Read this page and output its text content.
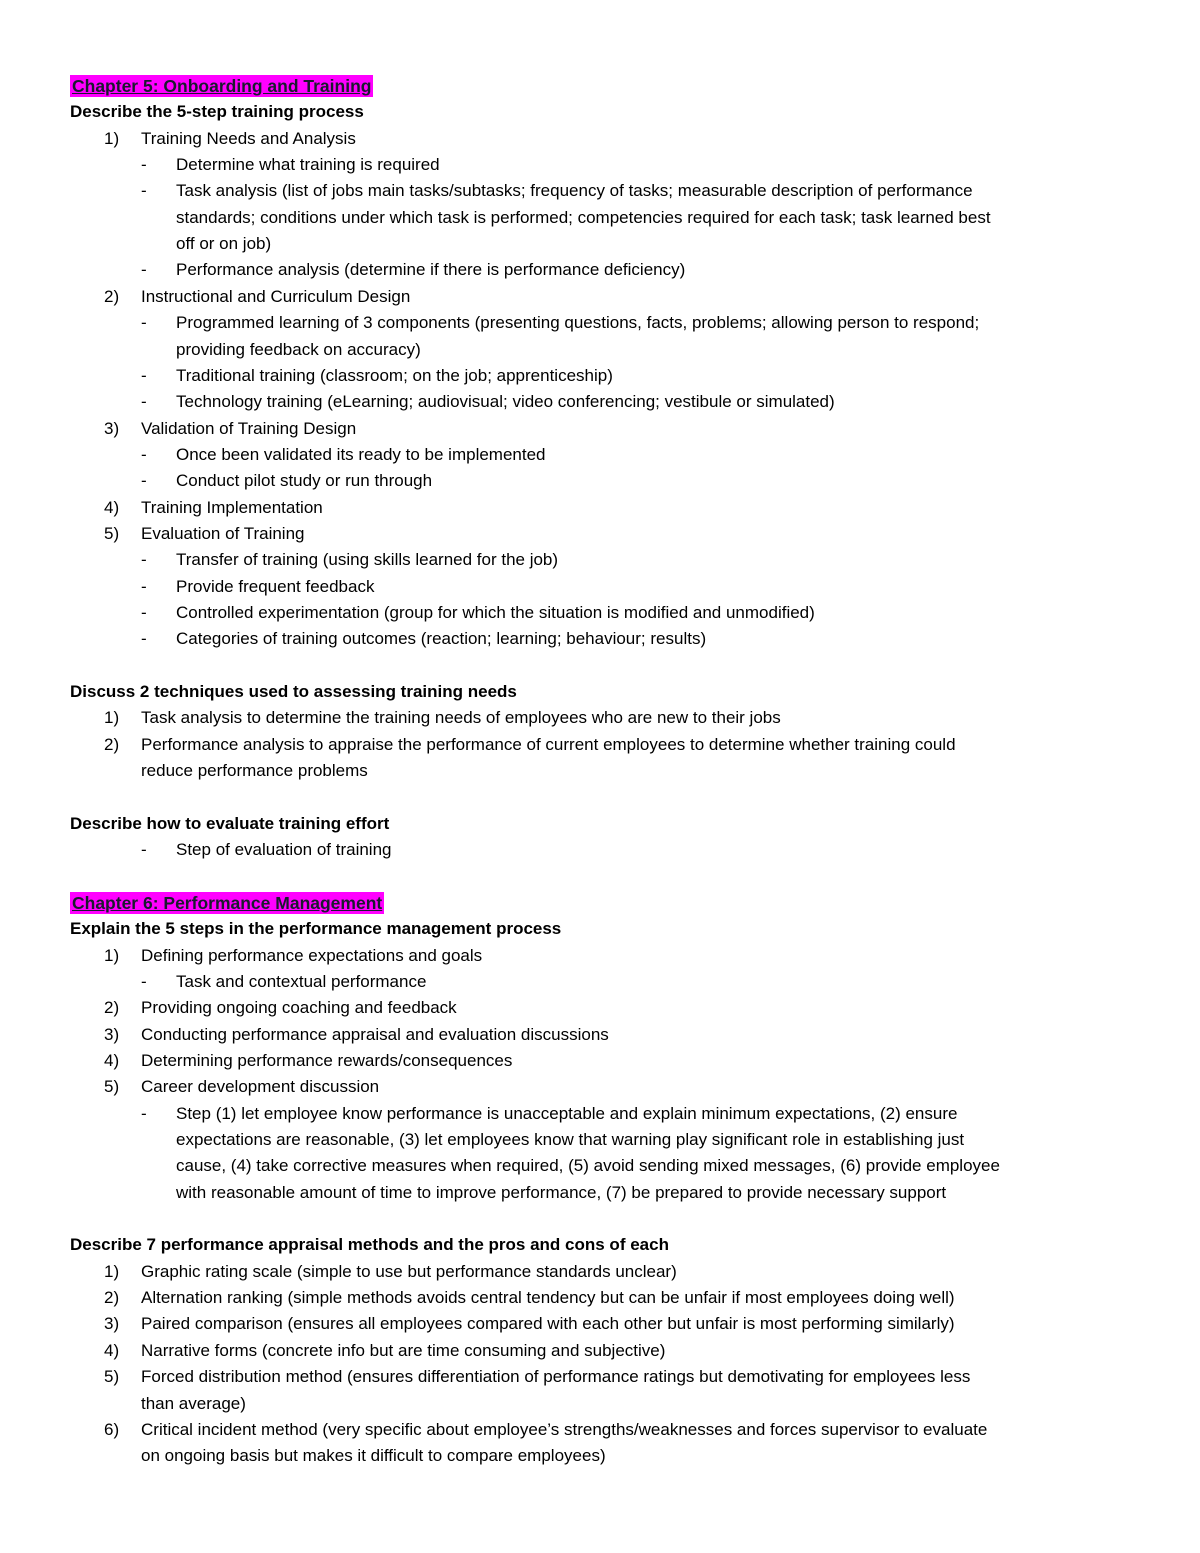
Chapter 5: Onboarding and Training
Describe the 5-step training process
1) Training Needs and Analysis
- Determine what training is required
- Task analysis (list of jobs main tasks/subtasks; frequency of tasks; measurable description of performance
standards; conditions under which task is performed; competencies required for each task; task learned best
off or on job)
- Performance analysis (determine if there is performance deficiency)
2) Instructional and Curriculum Design
- Programmed learning of 3 components (presenting questions, facts, problems; allowing person to respond;
providing feedback on accuracy)
- Traditional training (classroom; on the job; apprenticeship)
- Technology training (eLearning; audiovisual; video conferencing; vestibule or simulated)
3) Validation of Training Design
- Once been validated its ready to be implemented
- Conduct pilot study or run through
4) Training Implementation
5) Evaluation of Training
- Transfer of training (using skills learned for the job)
- Provide frequent feedback
- Controlled experimentation (group for which the situation is modified and unmodified)
- Categories of training outcomes (reaction; learning; behaviour; results)
Discuss 2 techniques used to assessing training needs
1) Task analysis to determine the training needs of employees who are new to their jobs
2) Performance analysis to appraise the performance of current employees to determine whether training could
reduce performance problems
Describe how to evaluate training effort
- Step of evaluation of training
Chapter 6: Performance Management
Explain the 5 steps in the performance management process
1) Defining performance expectations and goals
- Task and contextual performance
2) Providing ongoing coaching and feedback
3) Conducting performance appraisal and evaluation discussions
4) Determining performance rewards/consequences
5) Career development discussion
- Step (1) let employee know performance is unacceptable and explain minimum expectations, (2) ensure
expectations are reasonable, (3) let employees know that warning play significant role in establishing just
cause, (4) take corrective measures when required, (5) avoid sending mixed messages, (6) provide employee
with reasonable amount of time to improve performance, (7) be prepared to provide necessary support
Describe 7 performance appraisal methods and the pros and cons of each
1) Graphic rating scale (simple to use but performance standards unclear)
2) Alternation ranking (simple methods avoids central tendency but can be unfair if most employees doing well)
3) Paired comparison (ensures all employees compared with each other but unfair is most performing similarly)
4) Narrative forms (concrete info but are time consuming and subjective)
5) Forced distribution method (ensures differentiation of performance ratings but demotivating for employees less
than average)
6) Critical incident method (very specific about employee’s strengths/weaknesses and forces supervisor to evaluate
on ongoing basis but makes it difficult to compare employees)
